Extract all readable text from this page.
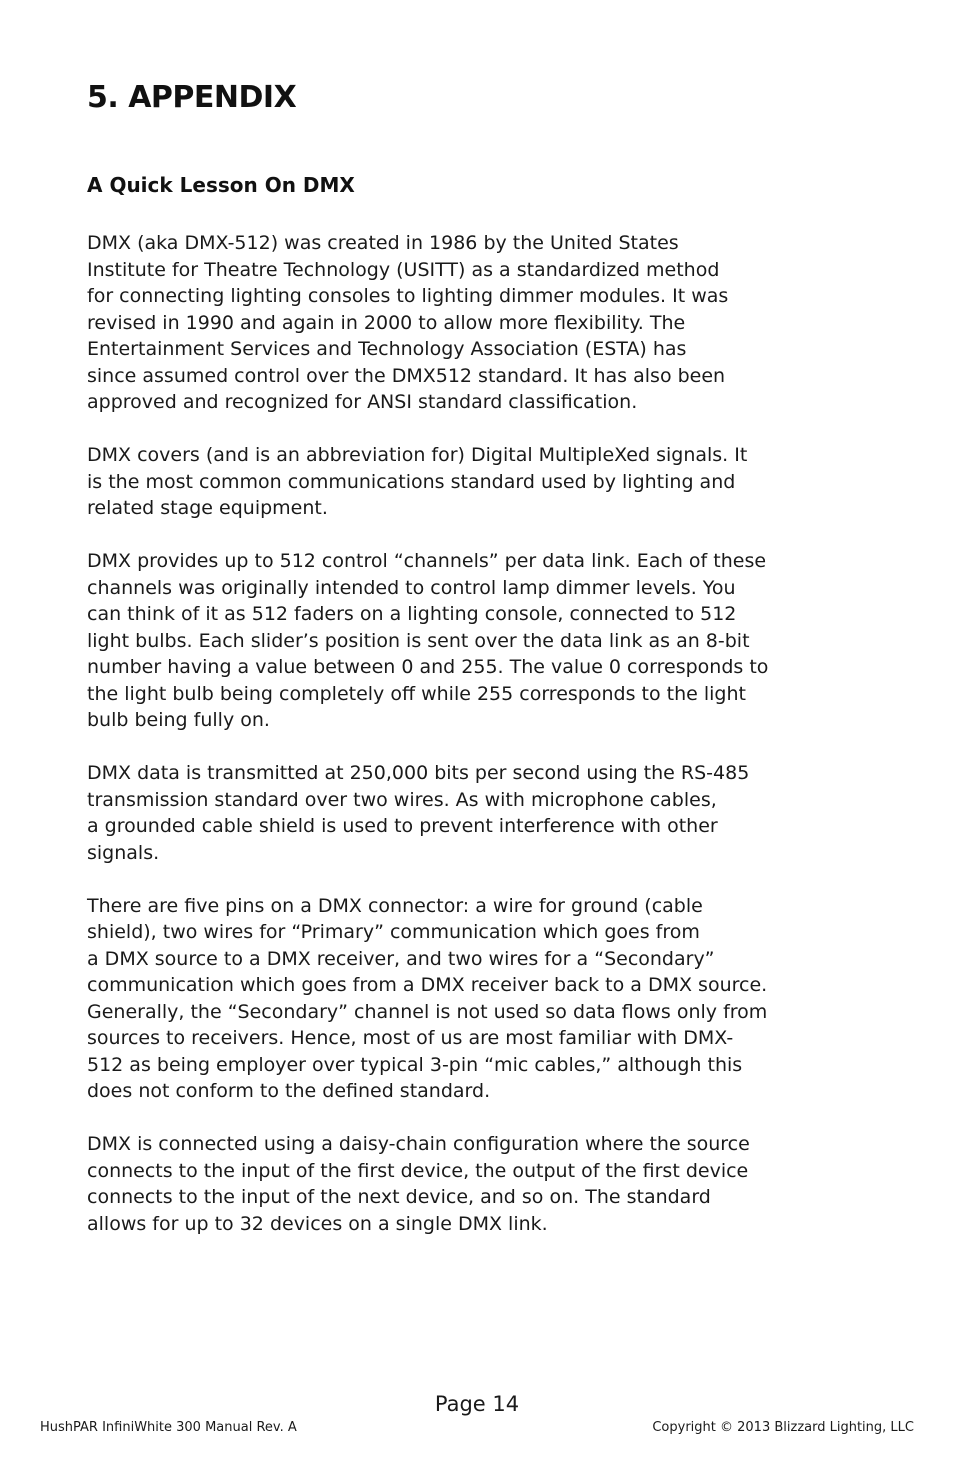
5. APPENDIX
A Quick Lesson On DMX

DMX (aka DMX-512) was created in 1986 by the United States
Institute for Theatre Technology (USITT) as a standardized method
for connecting lighting consoles to lighting dimmer modules. It was
revised in 1990 and again in 2000 to allow more flexibility. The
Entertainment Services and Technology Association (ESTA) has
since assumed control over the DMX512 standard. It has also been
approved and recognized for ANSI standard classification.

DMX covers (and is an abbreviation for) Digital MultipleXed signals. It
is the most common communications standard used by lighting and
related stage equipment.

DMX provides up to 512 control “channels” per data link. Each of these
channels was originally intended to control lamp dimmer levels. You
can think of it as 512 faders on a lighting console, connected to 512
light bulbs. Each slider’s position is sent over the data link as an 8-bit
number having a value between 0 and 255. The value 0 corresponds to
the light bulb being completely off while 255 corresponds to the light
bulb being fully on.

DMX data is transmitted at 250,000 bits per second using the RS-485
transmission standard over two wires. As with microphone cables,
a grounded cable shield is used to prevent interference with other
signals.

There are five pins on a DMX connector: a wire for ground (cable
shield), two wires for “Primary” communication which goes from
a DMX source to a DMX receiver, and two wires for a “Secondary”
communication which goes from a DMX receiver back to a DMX source.
Generally, the “Secondary” channel is not used so data flows only from
sources to receivers. Hence, most of us are most familiar with DMX-
512 as being employer over typical 3-pin “mic cables,” although this
does not conform to the defined standard.

DMX is connected using a daisy-chain configuration where the source
connects to the input of the first device, the output of the first device
connects to the input of the next device, and so on. The standard
allows for up to 32 devices on a single DMX link.

Page 14
HushPAR InfiniWhite 300 Manual Rev. A	Copyright © 2013 Blizzard Lighting, LLC
